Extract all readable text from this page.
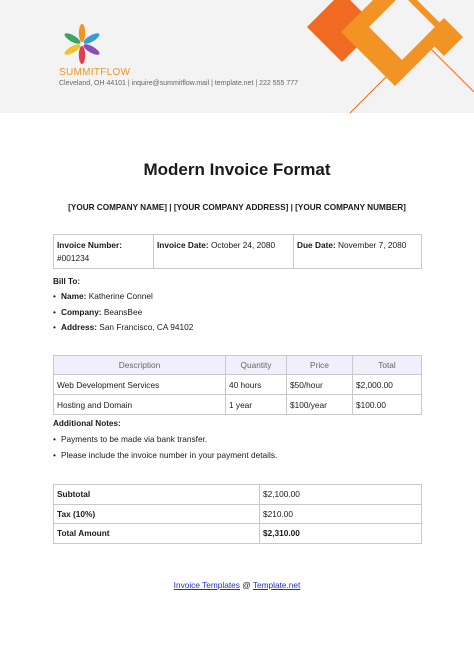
SUMMITFLOW
Cleveland, OH 44101 | inquire@summitflow.mail | template.net | 222 555 777
Modern Invoice Format
[YOUR COMPANY NAME] | [YOUR COMPANY ADDRESS] | [YOUR COMPANY NUMBER]
Invoice Number:
#001234	Invoice Date: October 24, 2080	Due Date: November 7, 2080
Bill To:
• Name: Katherine Connel
• Company: BeansBee
• Address: San Francisco, CA 94102
Description	Quantity	Price	Total
Web Development Services	40 hours	$50/hour	$2,000.00
Hosting and Domain	1 year	$100/year	$100.00
Additional Notes:
• Payments to be made via bank transfer.
• Please include the invoice number in your payment details.
Subtotal	$2,100.00
Tax (10%)	$210.00
Total Amount	$2,310.00
Invoice Templates @ Template.net
